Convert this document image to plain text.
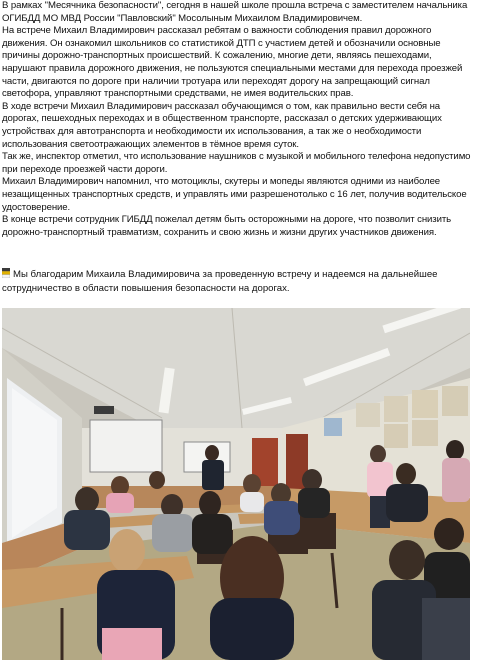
В рамках "Месячника безопасности", сегодня в нашей школе прошла встреча с заместителем начальника ОГИБДД МО МВД России "Павловский" Мосолыным Михаилом Владимировичем.

На встрече Михаил Владимирович рассказал ребятам о важности соблюдения правил дорожного движения. Он ознакомил школьников со статистикой ДТП с участием детей и обозначили основные причины дорожно-транспортных происшествий. К сожалению, многие дети, являясь пешеходами, нарушают правила дорожного движения, не пользуются специальными местами для перехода проезжей части, двигаются по дороге при наличии тротуара или переходят дорогу на запрещающий сигнал светофора, управляют транспортными средствами, не имея водительских прав.

В ходе встречи Михаил Владимирович рассказал обучающимся о том, как правильно вести себя на дорогах, пешеходных переходах и в общественном транспорте, рассказал о детских удерживающих устройствах для автотранспорта и необходимости их использования, а так же о необходимости использования светоотражающих элементов в тёмное время суток.

Так же, инспектор отметил, что использование наушников с музыкой и мобильного телефона недопустимо при переходе проезжей части дороги.

Михаил Владимирович напомнил, что мотоциклы, скутеры и мопеды являются одними из наиболее незащищенных транспортных средств, и управлять ими разрешенотолько с 16 лет, получив водительское удостоверение.

В конце встречи сотрудник ГИБДД пожелал детям быть осторожными на дороге, что позволит снизить дорожно-транспортный травматизм, сохранить и свою жизнь и жизни других участников движения.

Мы благодарим Михаила Владимировича за проведенную встречу и надеемся на дальнейшее сотрудничество в области повышения безопасности на дорогах.
